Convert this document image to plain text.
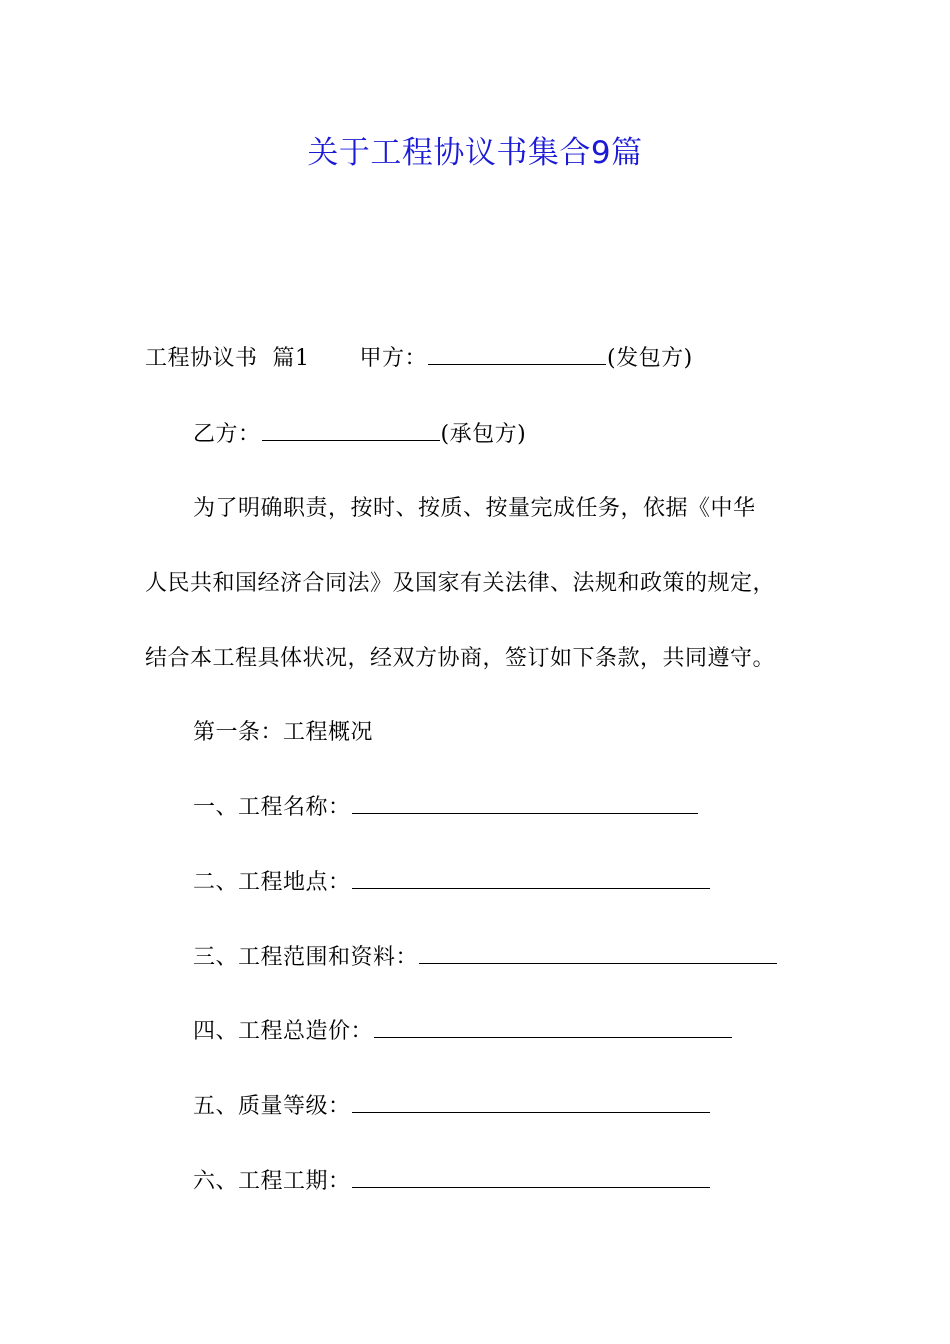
关于工程协议书集合9篇
工程协议书  篇1 甲方：	(发包方)
乙方：	(承包方)
为了明确职责，按时、按质、按量完成任务，依据《中华
人民共和国经济合同法》及国家有关法律、法规和政策的规定，
结合本工程具体状况，经双方协商，签订如下条款，共同遵守。
第一条：工程概况
一、工程名称：
二、工程地点：
三、工程范围和资料：
四、工程总造价：
五、质量等级：
六、工程工期：
